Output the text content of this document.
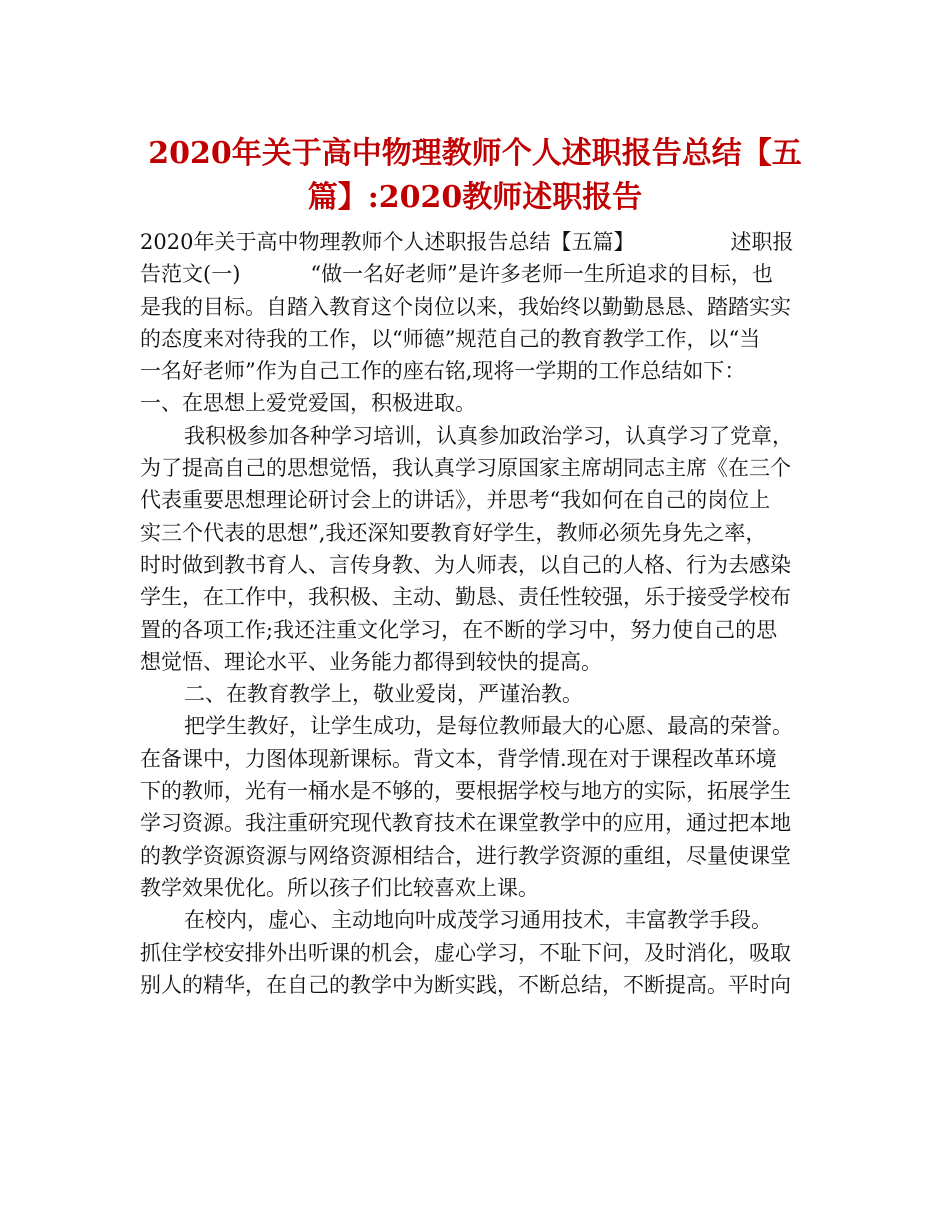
2020年关于高中物理教师个人述职报告总结【五
篇】:2020教师述职报告

2020年关于高中物理教师个人述职报告总结【五篇】	述职报

告范文(一)	“做一名好老师”是许多老师一生所追求的目标，也

是我的目标。自踏入教育这个岗位以来，我始终以勤勤恳恳、踏踏实实

的态度来对待我的工作，以“师德”规范自己的教育教学工作，以“当

一名好老师”作为自己工作的座右铭,现将一学期的工作总结如下：

一、在思想上爱党爱国，积极进取。

我积极参加各种学习培训，认真参加政治学习，认真学习了党章，

为了提高自己的思想觉悟，我认真学习原国家主席胡同志主席《在三个

代表重要思想理论研讨会上的讲话》，并思考“我如何在自己的岗位上

实三个代表的思想”,我还深知要教育好学生，教师必须先身先之率，

时时做到教书育人、言传身教、为人师表，以自己的人格、行为去感染

学生，在工作中，我积极、主动、勤恳、责任性较强，乐于接受学校布

置的各项工作;我还注重文化学习，在不断的学习中，努力使自己的思

想觉悟、理论水平、业务能力都得到较快的提高。

二、在教育教学上，敬业爱岗，严谨治教。

把学生教好，让学生成功，是每位教师最大的心愿、最高的荣誉。

在备课中，力图体现新课标。背文本，背学情.现在对于课程改革环境

下的教师，光有一桶水是不够的，要根据学校与地方的实际，拓展学生

学习资源。我注重研究现代教育技术在课堂教学中的应用，通过把本地

的教学资源资源与网络资源相结合，进行教学资源的重组，尽量使课堂

教学效果优化。所以孩子们比较喜欢上课。

在校内，虚心、主动地向叶成茂学习通用技术，丰富教学手段。

抓住学校安排外出听课的机会，虚心学习，不耻下问，及时消化，吸取

别人的精华，在自己的教学中为断实践，不断总结，不断提高。平时向
